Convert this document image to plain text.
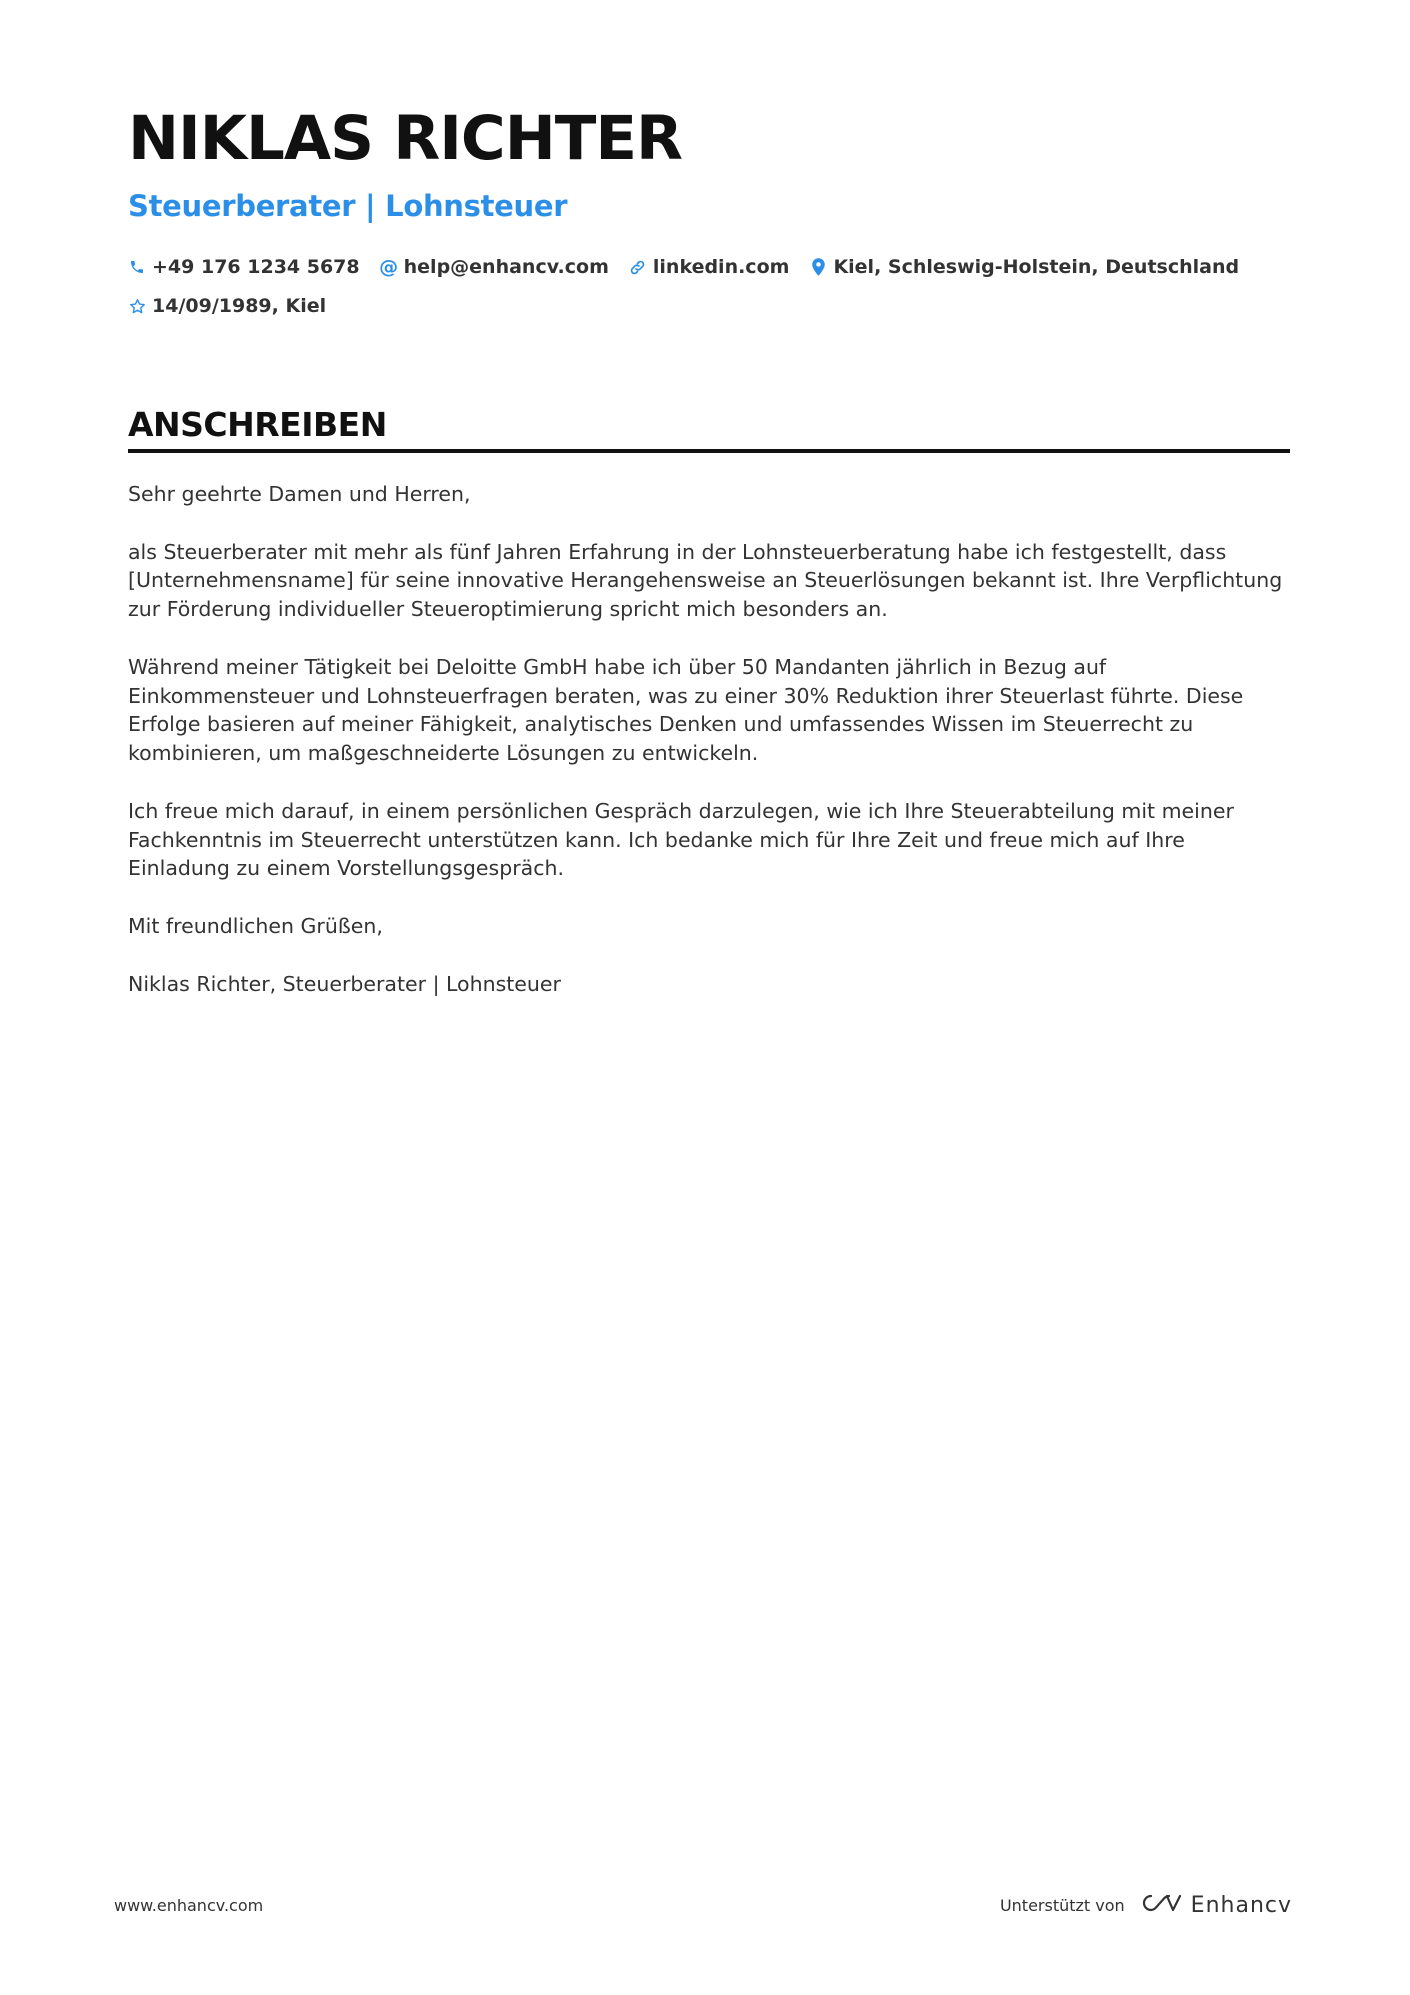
NIKLAS RICHTER
Steuerberater | Lohnsteuer
+49 176 1234 5678 @ help@enhancv.com linkedin.com Kiel, Schleswig-Holstein, Deutschland
14/09/1989, Kiel
ANSCHREIBEN

Sehr geehrte Damen und Herren,

als Steuerberater mit mehr als fünf Jahren Erfahrung in der Lohnsteuerberatung habe ich festgestellt, dass [Unternehmensname] für seine innovative Herangehensweise an Steuerlösungen bekannt ist. Ihre Verpflichtung zur Förderung individueller Steueroptimierung spricht mich besonders an.

Während meiner Tätigkeit bei Deloitte GmbH habe ich über 50 Mandanten jährlich in Bezug auf Einkommensteuer und Lohnsteuerfragen beraten, was zu einer 30% Reduktion ihrer Steuerlast führte. Diese Erfolge basieren auf meiner Fähigkeit, analytisches Denken und umfassendes Wissen im Steuerrecht zu kombinieren, um maßgeschneiderte Lösungen zu entwickeln.

Ich freue mich darauf, in einem persönlichen Gespräch darzulegen, wie ich Ihre Steuerabteilung mit meiner Fachkenntnis im Steuerrecht unterstützen kann. Ich bedanke mich für Ihre Zeit und freue mich auf Ihre Einladung zu einem Vorstellungsgespräch.

Mit freundlichen Grüßen,

Niklas Richter, Steuerberater | Lohnsteuer

www.enhancv.com	Unterstützt von	Enhancv
